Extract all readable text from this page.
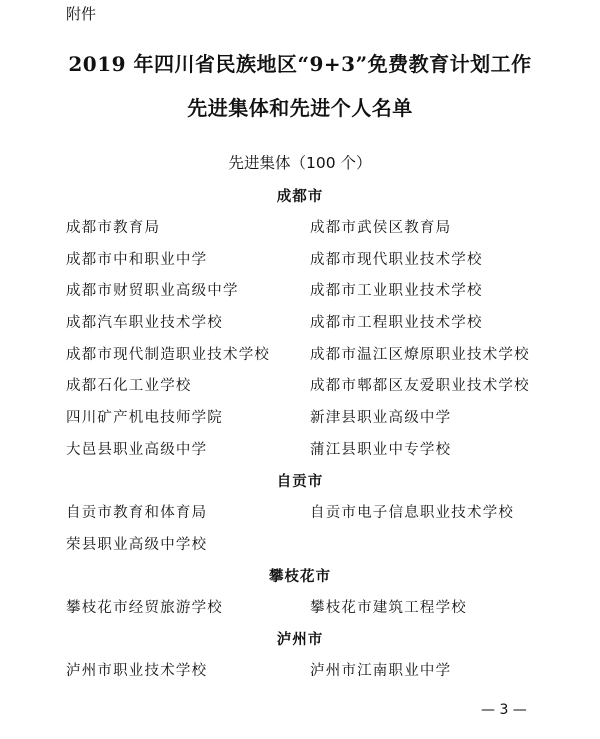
附件
2019 年四川省民族地区“9+3”免费教育计划工作
先进集体和先进个人名单
先进集体（100 个）
成都市
成都市教育局	成都市武侯区教育局
成都市中和职业中学	成都市现代职业技术学校
成都市财贸职业高级中学	成都市工业职业技术学校
成都汽车职业技术学校	成都市工程职业技术学校
成都市现代制造职业技术学校	成都市温江区燎原职业技术学校
成都石化工业学校	成都市郫都区友爱职业技术学校
四川矿产机电技师学院	新津县职业高级中学
大邑县职业高级中学	蒲江县职业中专学校
自贡市
自贡市教育和体育局	自贡市电子信息职业技术学校
荣县职业高级中学校
攀枝花市
攀枝花市经贸旅游学校	攀枝花市建筑工程学校
泸州市
泸州市职业技术学校	泸州市江南职业中学
— 3 —
